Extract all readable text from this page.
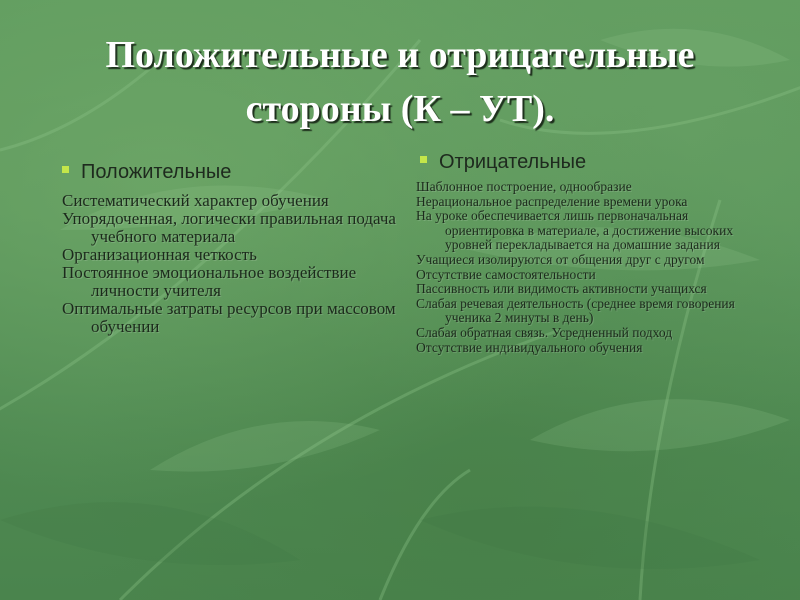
Положительные и отрицательные
стороны (К – УТ).
Положительные
Систематический характер обучения
Упорядоченная, логически правильная подача учебного материала
Организационная четкость
Постоянное эмоциональное воздействие личности учителя
Оптимальные затраты ресурсов при массовом обучении
Отрицательные
Шаблонное построение, однообразие
Нерациональное распределение времени урока
На уроке обеспечивается лишь первоначальная ориентировка в материале, а достижение высоких уровней перекладывается на домашние задания
Учащиеся изолируются от общения друг с другом
Отсутствие самостоятельности
Пассивность или видимость активности учащихся
Слабая речевая деятельность (среднее время говорения ученика 2 минуты в день)
Слабая обратная связь. Усредненный подход
Отсутствие индивидуального обучения
